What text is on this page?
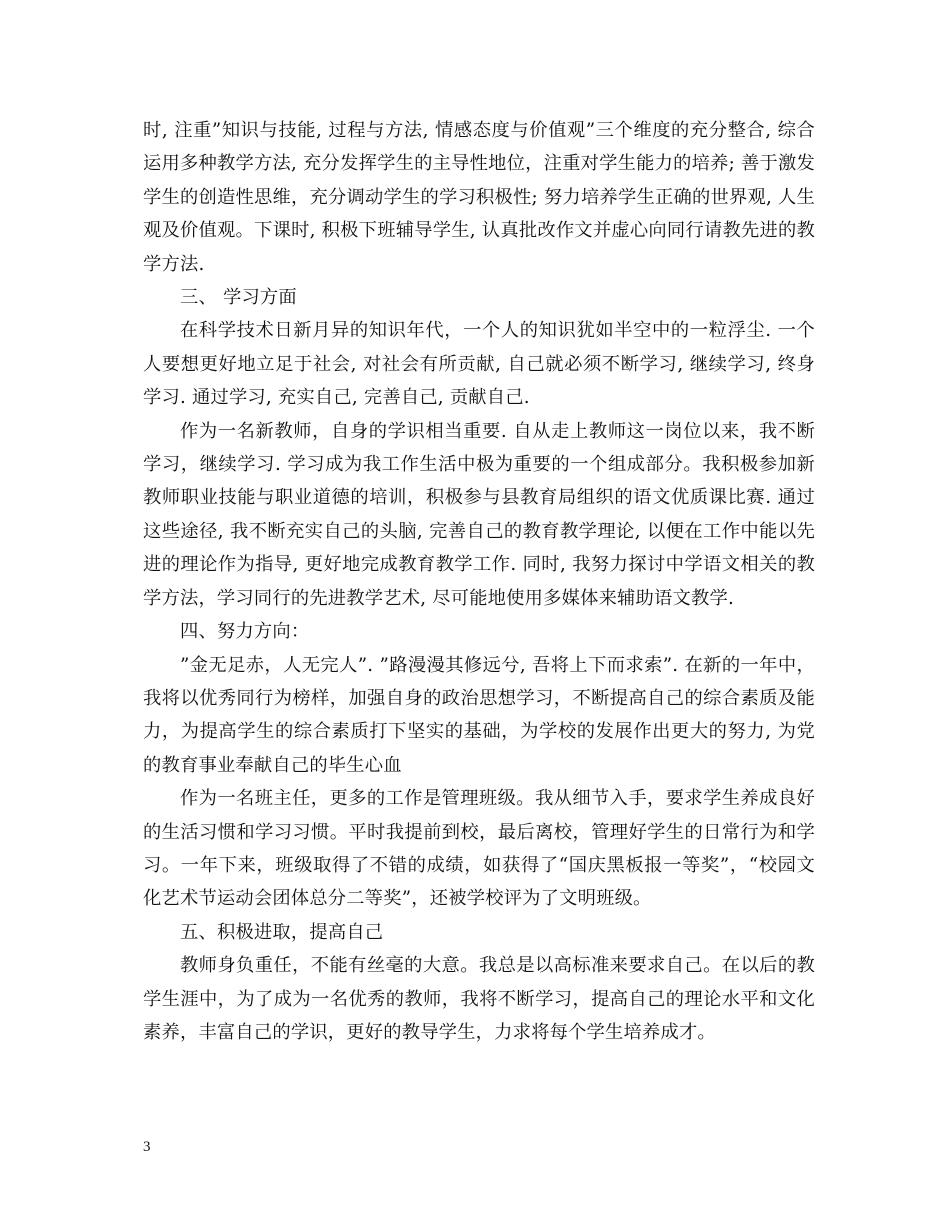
时, 注重”知识与技能, 过程与方法, 情感态度与价值观”三个维度的充分整合, 综合运用多种教学方法, 充分发挥学生的主导性地位，注重对学生能力的培养; 善于激发学生的创造性思维，充分调动学生的学习积极性; 努力培养学生正确的世界观, 人生观及价值观。下课时, 积极下班辅导学生, 认真批改作文并虚心向同行请教先进的教学方法.

三、 学习方面

在科学技术日新月异的知识年代，一个人的知识犹如半空中的一粒浮尘. 一个人要想更好地立足于社会, 对社会有所贡献, 自己就必须不断学习, 继续学习, 终身学习. 通过学习, 充实自己, 完善自己, 贡献自己.

作为一名新教师，自身的学识相当重要. 自从走上教师这一岗位以来，我不断学习，继续学习. 学习成为我工作生活中极为重要的一个组成部分。我积极参加新教师职业技能与职业道德的培训，积极参与县教育局组织的语文优质课比赛. 通过这些途径, 我不断充实自己的头脑, 完善自己的教育教学理论, 以便在工作中能以先进的理论作为指导, 更好地完成教育教学工作. 同时, 我努力探讨中学语文相关的教学方法，学习同行的先进教学艺术, 尽可能地使用多媒体来辅助语文教学.

四、努力方向：

”金无足赤，人无完人”. ”路漫漫其修远兮, 吾将上下而求索”. 在新的一年中，我将以优秀同行为榜样，加强自身的政治思想学习，不断提高自己的综合素质及能力，为提高学生的综合素质打下坚实的基础，为学校的发展作出更大的努力, 为党的教育事业奉献自己的毕生心血

作为一名班主任，更多的工作是管理班级。我从细节入手，要求学生养成良好的生活习惯和学习习惯。平时我提前到校，最后离校，管理好学生的日常行为和学习。一年下来，班级取得了不错的成绩，如获得了“国庆黑板报一等奖”，“校园文化艺术节运动会团体总分二等奖”，还被学校评为了文明班级。

五、积极进取，提高自己

教师身负重任，不能有丝毫的大意。我总是以高标准来要求自己。在以后的教学生涯中，为了成为一名优秀的教师，我将不断学习，提高自己的理论水平和文化素养，丰富自己的学识，更好的教导学生，力求将每个学生培养成才。

3
